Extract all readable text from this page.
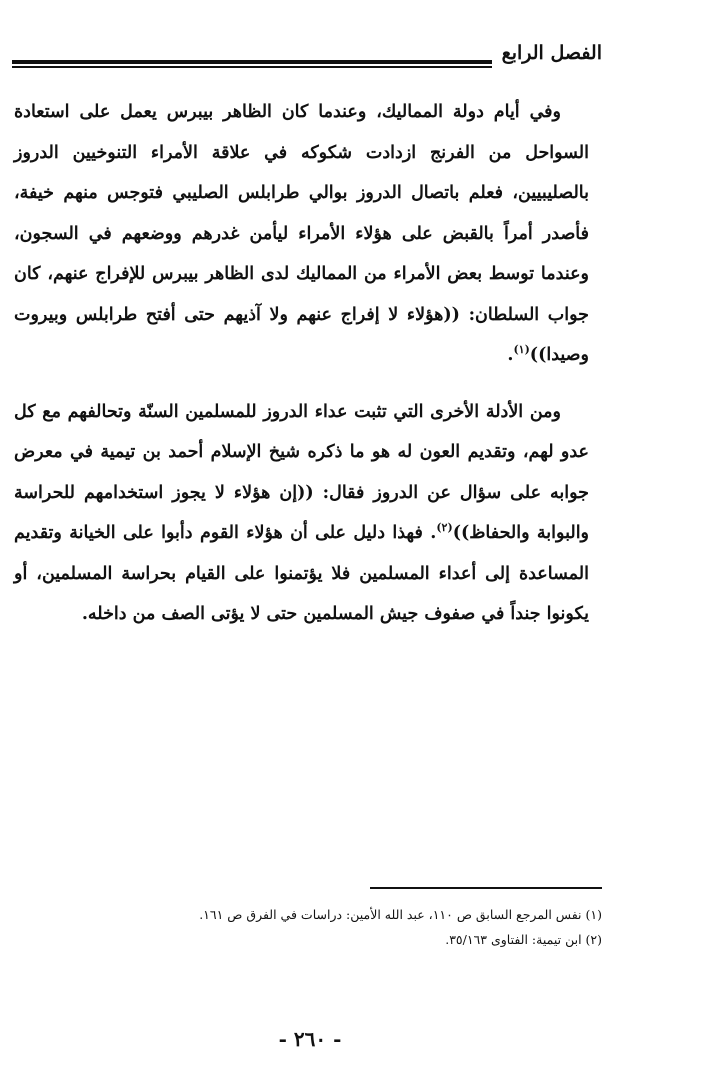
الفصل الرابع

وفي أيام دولة المماليك، وعندما كان الظاهر بيبرس يعمل على استعادة السواحل من الفرنج ازدادت شكوكه في علاقة الأمراء التنوخيين الدروز بالصليبيين، فعلم باتصال الدروز بوالي طرابلس الصليبي فتوجس منهم خيفة، فأصدر أمراً بالقبض على هؤلاء الأمراء ليأمن غدرهم ووضعهم في السجون، وعندما توسط بعض الأمراء من المماليك لدى الظاهر بيبرس للإفراج عنهم، كان جواب السلطان: ((هؤلاء لا إفراج عنهم ولا آذيهم حتى أفتح طرابلس وبيروت وصيدا))$^{(١)}$.

ومن الأدلة الأخرى التي تثبت عداء الدروز للمسلمين السنّة وتحالفهم مع كل عدو لهم، وتقديم العون له هو ما ذكره شيخ الإسلام أحمد بن تيمية في معرض جوابه على سؤال عن الدروز فقال: ((إن هؤلاء لا يجوز استخدامهم للحراسة والبوابة والحفاظ))$^{(٢)}$. فهذا دليل على أن هؤلاء القوم دأبوا على الخيانة وتقديم المساعدة إلى أعداء المسلمين فلا يؤتمنوا على القيام بحراسة المسلمين، أو يكونوا جنداً في صفوف جيش المسلمين حتى لا يؤتى الصف من داخله.

(١) نفس المرجع السابق ص ١١٠، عبد الله الأمين: دراسات في الفرق ص ١٦١.

(٢) ابن تيمية: الفتاوى ٣٥/١٦٣.

- ٢٦٠ -
